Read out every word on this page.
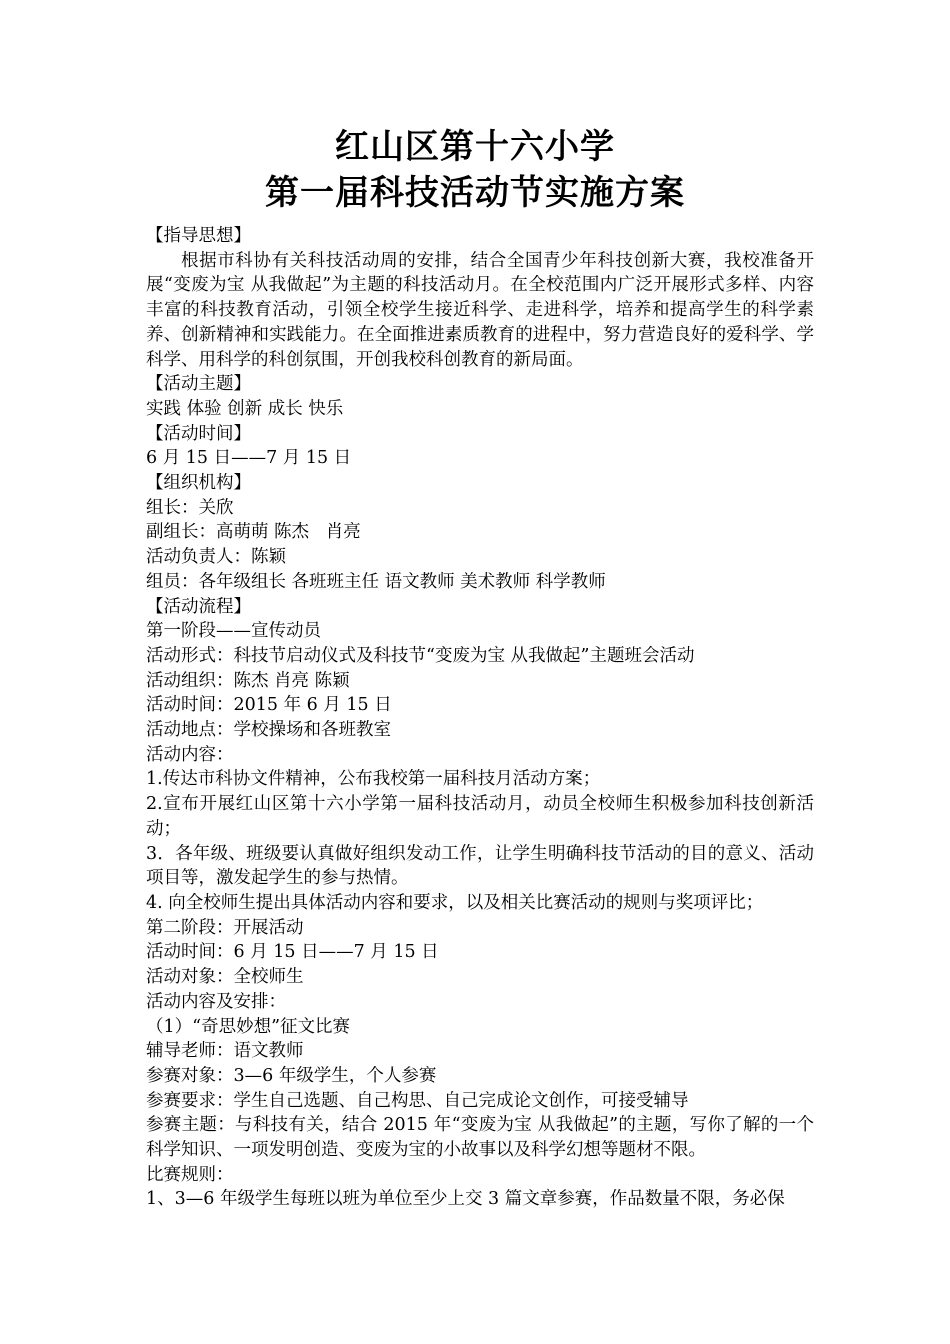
红山区第十六小学
第一届科技活动节实施方案

【指导思想】

根据市科协有关科技活动周的安排，结合全国青少年科技创新大赛，我校准备开展“变废为宝 从我做起”为主题的科技活动月。在全校范围内广泛开展形式多样、内容丰富的科技教育活动，引领全校学生接近科学、走进科学，培养和提高学生的科学素养、创新精神和实践能力。在全面推进素质教育的进程中，努力营造良好的爱科学、学科学、用科学的科创氛围，开创我校科创教育的新局面。

【活动主题】

实践 体验 创新 成长 快乐

【活动时间】

6 月 15 日——7 月 15 日

【组织机构】

组长：关欣

副组长：高萌萌 陈杰   肖亮

活动负责人：陈颖

组员：各年级组长 各班班主任 语文教师 美术教师 科学教师

【活动流程】

第一阶段——宣传动员

活动形式：科技节启动仪式及科技节“变废为宝 从我做起”主题班会活动

活动组织：陈杰 肖亮 陈颖

活动时间：2015 年 6 月 15 日

活动地点：学校操场和各班教室

活动内容：

1.传达市科协文件精神，公布我校第一届科技月活动方案；

2.宣布开展红山区第十六小学第一届科技活动月，动员全校师生积极参加科技创新活动；

3．各年级、班级要认真做好组织发动工作，让学生明确科技节活动的目的意义、活动项目等，激发起学生的参与热情。

4. 向全校师生提出具体活动内容和要求，以及相关比赛活动的规则与奖项评比；

第二阶段：开展活动

活动时间：6 月 15 日——7 月 15 日

活动对象：全校师生

活动内容及安排：

（1）“奇思妙想”征文比赛

辅导老师：语文教师

参赛对象：3—6 年级学生，个人参赛

参赛要求：学生自己选题、自己构思、自己完成论文创作，可接受辅导

参赛主题：与科技有关，结合 2015 年“变废为宝 从我做起”的主题，写你了解的一个科学知识、一项发明创造、变废为宝的小故事以及科学幻想等题材不限。

比赛规则：

1、3—6 年级学生每班以班为单位至少上交 3 篇文章参赛，作品数量不限，务必保
